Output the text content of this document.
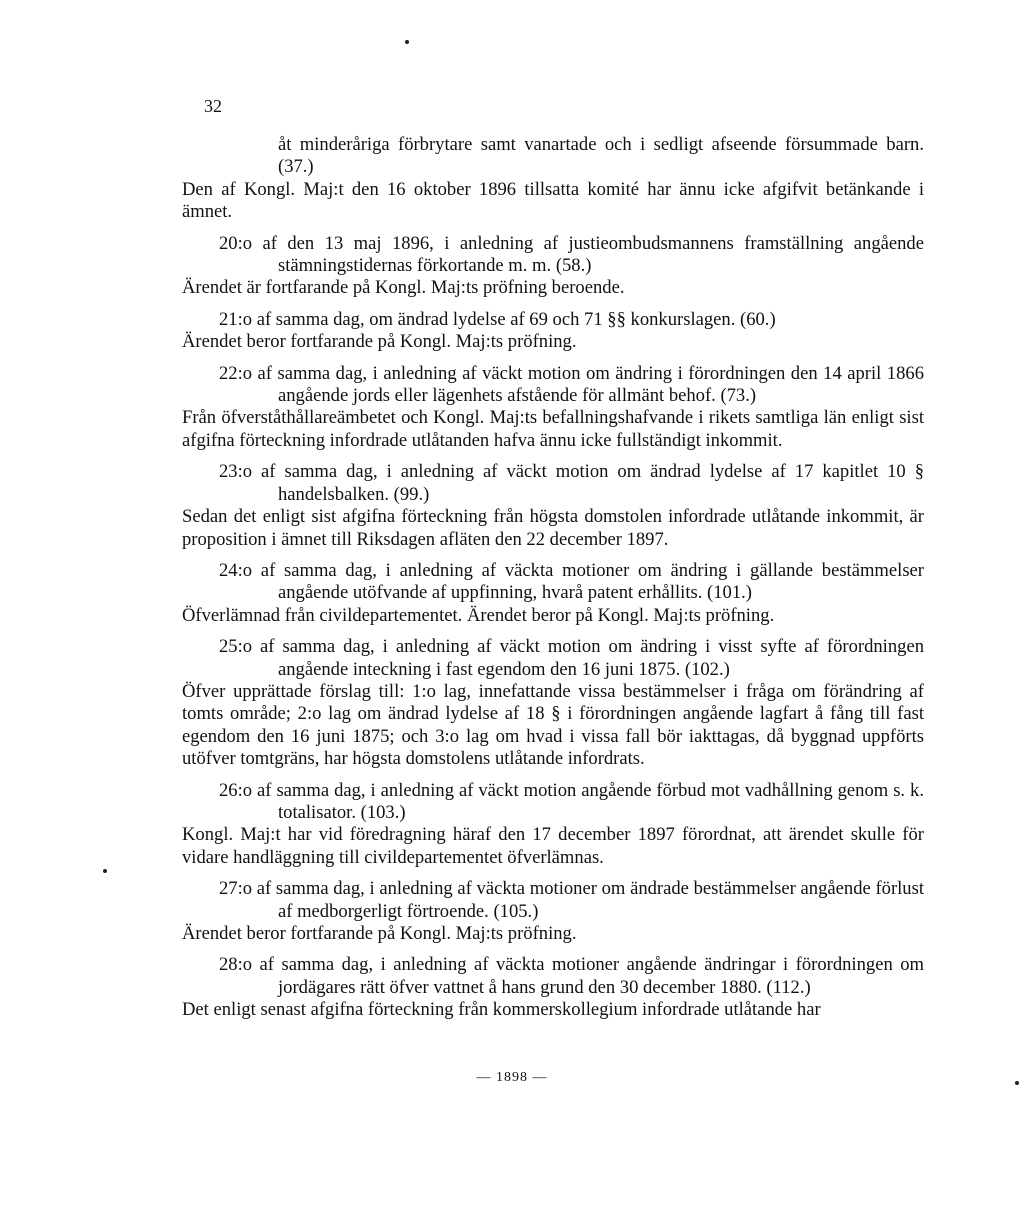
32

åt minderåriga förbrytare samt vanartade och i sedligt afseende försummade barn. (37.)

Den af Kongl. Maj:t den 16 oktober 1896 tillsatta komité har ännu icke afgifvit betänkande i ämnet.

20:o af den 13 maj 1896, i anledning af justieombudsmannens framställning angående stämningstidernas förkortande m. m. (58.)

Ärendet är fortfarande på Kongl. Maj:ts pröfning beroende.

21:o af samma dag, om ändrad lydelse af 69 och 71 §§ konkurslagen. (60.)

Ärendet beror fortfarande på Kongl. Maj:ts pröfning.

22:o af samma dag, i anledning af väckt motion om ändring i förordningen den 14 april 1866 angående jords eller lägenhets afstående för allmänt behof. (73.)

Från öfverståthållareämbetet och Kongl. Maj:ts befallningshafvande i rikets samtliga län enligt sist afgifna förteckning infordrade utlåtanden hafva ännu icke fullständigt inkommit.

23:o af samma dag, i anledning af väckt motion om ändrad lydelse af 17 kapitlet 10 § handelsbalken. (99.)

Sedan det enligt sist afgifna förteckning från högsta domstolen infordrade utlåtande inkommit, är proposition i ämnet till Riksdagen afläten den 22 december 1897.

24:o af samma dag, i anledning af väckta motioner om ändring i gällande bestämmelser angående utöfvande af uppfinning, hvarå patent erhållits. (101.)

Öfverlämnad från civildepartementet. Ärendet beror på Kongl. Maj:ts pröfning.

25:o af samma dag, i anledning af väckt motion om ändring i visst syfte af förordningen angående inteckning i fast egendom den 16 juni 1875. (102.)

Öfver upprättade förslag till: 1:o lag, innefattande vissa bestämmelser i fråga om förändring af tomts område; 2:o lag om ändrad lydelse af 18 § i förordningen angående lagfart å fång till fast egendom den 16 juni 1875; och 3:o lag om hvad i vissa fall bör iakttagas, då byggnad uppförts utöfver tomtgräns, har högsta domstolens utlåtande infordrats.

26:o af samma dag, i anledning af väckt motion angående förbud mot vadhållning genom s. k. totalisator. (103.)

Kongl. Maj:t har vid föredragning häraf den 17 december 1897 förordnat, att ärendet skulle för vidare handläggning till civildepartementet öfverlämnas.

27:o af samma dag, i anledning af väckta motioner om ändrade bestämmelser angående förlust af medborgerligt förtroende. (105.)

Ärendet beror fortfarande på Kongl. Maj:ts pröfning.

28:o af samma dag, i anledning af väckta motioner angående ändringar i förordningen om jordägares rätt öfver vattnet å hans grund den 30 december 1880. (112.)

Det enligt senast afgifna förteckning från kommerskollegium infordrade utlåtande har

— 1898 —
